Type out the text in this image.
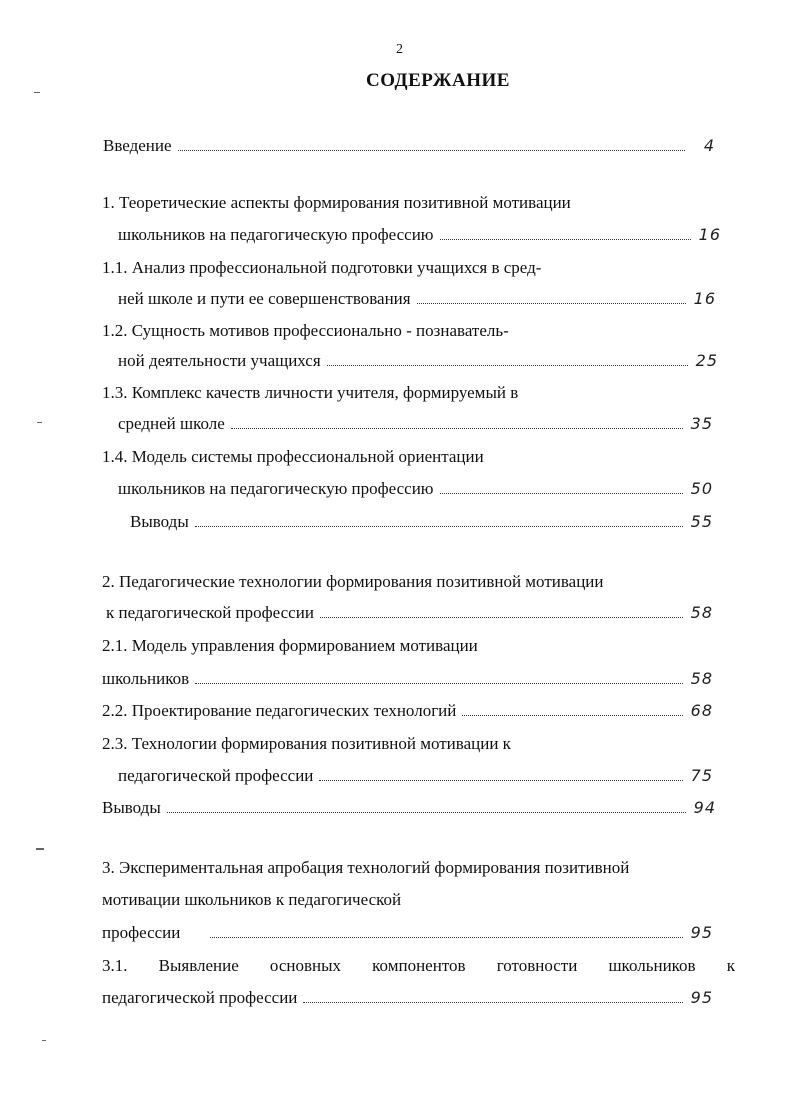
2
СОДЕРЖАНИЕ
Введение	4
1. Теоретические аспекты формирования позитивной мотивации
школьников на педагогическую профессию	16
1.1. Анализ профессиональной подготовки учащихся в сред-
ней школе и пути ее совершенствования	16
1.2. Сущность мотивов профессионально - познаватель-
ной деятельности учащихся	25
1.3. Комплекс качеств личности учителя, формируемый в
средней школе	35
1.4. Модель системы профессиональной ориентации
школьников на педагогическую профессию	50
Выводы	55
2. Педагогические технологии формирования позитивной мотивации
к педагогической профессии	58
2.1. Модель управления формированием мотивации
школьников	58
2.2. Проектирование педагогических технологий	68
2.3. Технологии формирования позитивной мотивации к
педагогической профессии	75
Выводы	94
3. Экспериментальная апробация технологий формирования позитивной
мотивации школьников к педагогической
профессии	95
3.1. Выявление основных компонентов готовности школьников к
педагогической профессии	95
